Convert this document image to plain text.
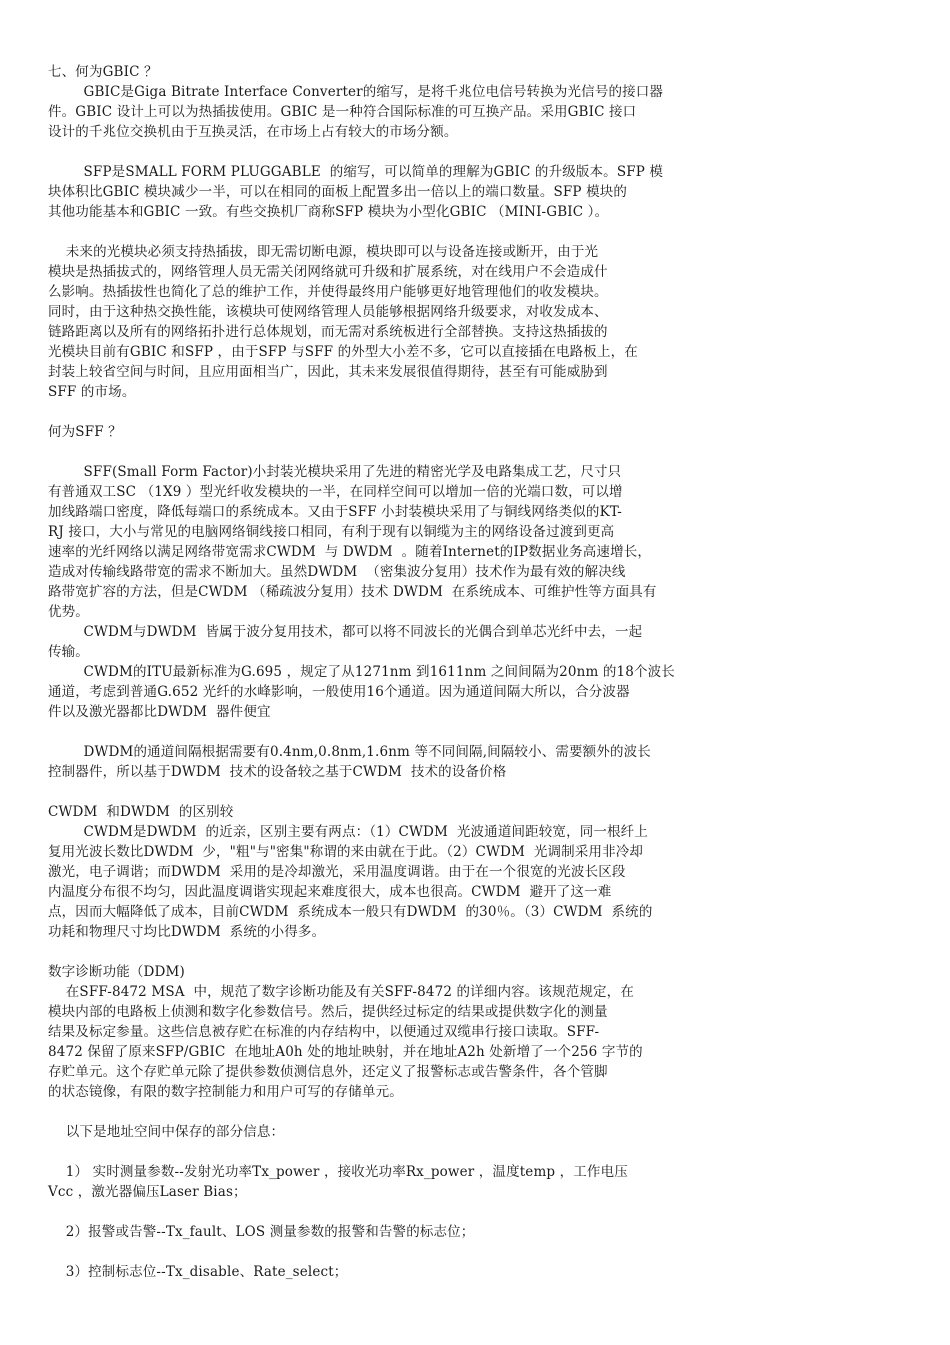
七、何为GBIC ？

GBIC是Giga Bitrate Interface Converter的缩写，是将千兆位电信号转换为光信号的接口器

件。GBIC 设计上可以为热插拔使用。GBIC 是一种符合国际标准的可互换产品。采用GBIC 接口

设计的千兆位交换机由于互换灵活，在市场上占有较大的市场分额。

SFP是SMALL FORM PLUGGABLE  的缩写，可以简单的理解为GBIC 的升级版本。SFP 模

块体积比GBIC 模块减少一半，可以在相同的面板上配置多出一倍以上的端口数量。SFP 模块的

其他功能基本和GBIC 一致。有些交换机厂商称SFP 模块为小型化GBIC （MINI-GBIC ）。

未来的光模块必须支持热插拔，即无需切断电源，模块即可以与设备连接或断开，由于光

模块是热插拔式的，网络管理人员无需关闭网络就可升级和扩展系统，对在线用户不会造成什

么影响。热插拔性也简化了总的维护工作，并使得最终用户能够更好地管理他们的收发模块。

同时，由于这种热交换性能，该模块可使网络管理人员能够根据网络升级要求，对收发成本、

链路距离以及所有的网络拓扑进行总体规划，而无需对系统板进行全部替换。支持这热插拔的

光模块目前有GBIC 和SFP ，由于SFP 与SFF 的外型大小差不多，它可以直接插在电路板上，在

封装上较省空间与时间，且应用面相当广，因此，其未来发展很值得期待，甚至有可能威胁到

SFF 的市场。

何为SFF ？

SFF(Small Form Factor)小封装光模块采用了先进的精密光学及电路集成工艺，尺寸只

有普通双工SC （1X9 ）型光纤收发模块的一半，在同样空间可以增加一倍的光端口数，可以增

加线路端口密度，降低每端口的系统成本。又由于SFF 小封装模块采用了与铜线网络类似的KT-

RJ 接口，大小与常见的电脑网络铜线接口相同，有利于现有以铜缆为主的网络设备过渡到更高

速率的光纤网络以满足网络带宽需求CWDM  与 DWDM  。随着Internet的IP数据业务高速增长，

造成对传输线路带宽的需求不断加大。虽然DWDM  （密集波分复用）技术作为最有效的解决线

路带宽扩容的方法，但是CWDM （稀疏波分复用）技术 DWDM  在系统成本、可维护性等方面具有

优势。

CWDM与DWDM  皆属于波分复用技术，都可以将不同波长的光偶合到单芯光纤中去，一起

传输。

CWDM的ITU最新标准为G.695 ，规定了从1271nm 到1611nm 之间间隔为20nm 的18个波长

通道，考虑到普通G.652 光纤的水峰影响，一般使用16个通道。因为通道间隔大所以，合分波器

件以及激光器都比DWDM  器件便宜

DWDM的通道间隔根据需要有0.4nm,0.8nm,1.6nm 等不同间隔,间隔较小、需要额外的波长

控制器件，所以基于DWDM  技术的设备较之基于CWDM  技术的设备价格

CWDM  和DWDM  的区别较

CWDM是DWDM  的近亲，区别主要有两点：（1）CWDM  光波通道间距较宽，同一根纤上

复用光波长数比DWDM  少，"粗"与"密集"称谓的来由就在于此。（2）CWDM  光调制采用非冷却

激光，电子调谐；而DWDM  采用的是冷却激光，采用温度调谐。由于在一个很宽的光波长区段

内温度分布很不均匀，因此温度调谐实现起来难度很大，成本也很高。CWDM  避开了这一难

点，因而大幅降低了成本，目前CWDM  系统成本一般只有DWDM  的30％。（3）CWDM  系统的

功耗和物理尺寸均比DWDM  系统的小得多。

数字诊断功能（DDM)

在SFF-8472 MSA  中，规范了数字诊断功能及有关SFF-8472 的详细内容。该规范规定，在

模块内部的电路板上侦测和数字化参数信号。然后，提供经过标定的结果或提供数字化的测量

结果及标定参量。这些信息被存贮在标准的内存结构中，以便通过双缆串行接口读取。SFF-

8472 保留了原来SFP/GBIC  在地址A0h 处的地址映射，并在地址A2h 处新增了一个256 字节的

存贮单元。这个存贮单元除了提供参数侦测信息外，还定义了报警标志或告警条件，各个管脚

的状态镜像，有限的数字控制能力和用户可写的存储单元。

以下是地址空间中保存的部分信息：

1） 实时测量参数--发射光功率Tx_power ，接收光功率Rx_power ，温度temp ，工作电压

Vcc ，激光器偏压Laser Bias；

2）报警或告警--Tx_fault、LOS 测量参数的报警和告警的标志位；

3）控制标志位--Tx_disable、Rate_select；
